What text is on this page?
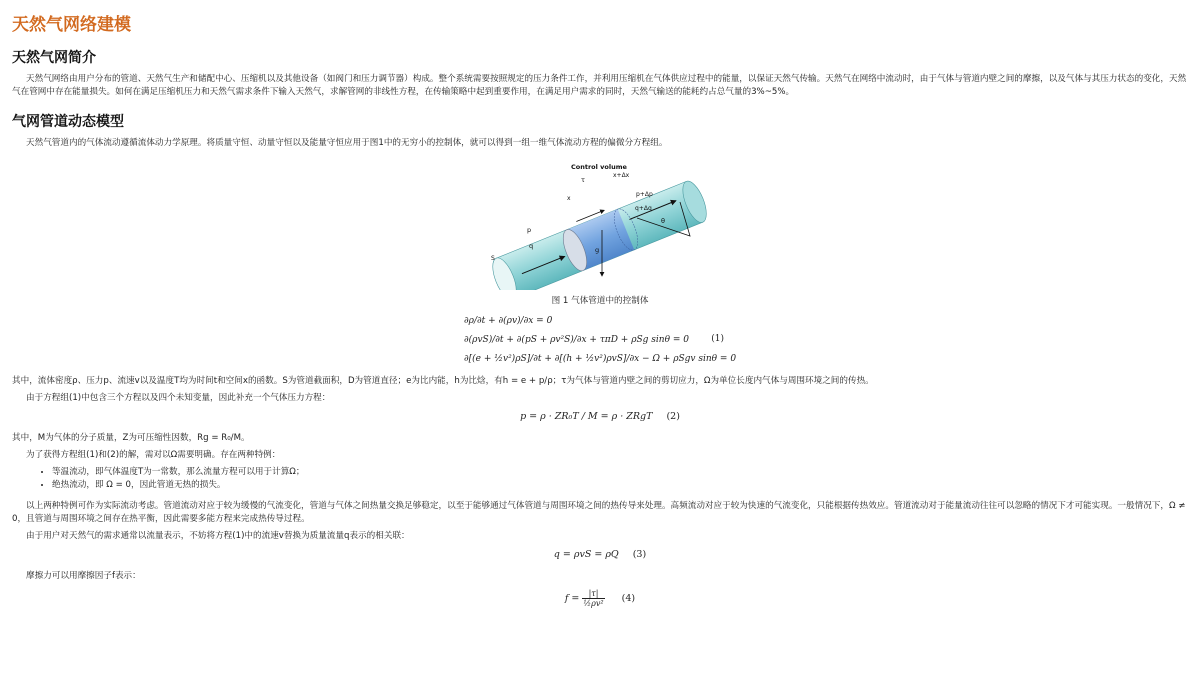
天然气网络建模
天然气网简介

天然气网络由用户分布的管道、天然气生产和储配中心、压缩机以及其他设备（如阀门和压力调节器）构成。整个系统需要按照规定的压力条件工作，并利用压缩机在气体供应过程中的能量，以保证天然气传输。天然气在网络中流动时，由于气体与管道内壁之间的摩擦，以及气体与其压力状态的变化，天然气在管网中存在能量损失。如何在满足压缩机压力和天然气需求条件下输入天然气，求解管网的非线性方程，在传输策略中起到重要作用，在满足用户需求的同时，天然气输送的能耗约占总气量的3%~5%。

气网管道动态模型

天然气管道内的气体流动遵循流体动力学原理。将质量守恒、动量守恒以及能量守恒应用于图1中的无穷小的控制体，就可以得到一组一维气体流动方程的偏微分方程组。

Control volume
τ
x+Δx
x
p
q
S
p+Δp
q+Δq
θ
g
图 1 气体管道中的控制体
∂ρ/∂t + ∂(ρv)/∂x = 0
∂(ρvS)/∂t + ∂(pS + ρv²S)/∂x + τπD + ρSg sinθ = 0
∂[(e + ½v²)ρS]/∂t + ∂[(h + ½v²)ρvS]/∂x − Ω + ρSgv sinθ = 0
(1)

其中，流体密度ρ、压力p、流速v以及温度T均为时间t和空间x的函数。S为管道截面积，D为管道直径；e为比内能，h为比焓，有h = e + p/ρ；τ为气体与管道内壁之间的剪切应力，Ω为单位长度内气体与周围环境之间的传热。

由于方程组(1)中包含三个方程以及四个未知变量，因此补充一个气体压力方程：

p = ρ · ZR₀T / M = ρ · ZRgT (2)

其中，M为气体的分子质量，Z为可压缩性因数，Rg = R₀/M。

为了获得方程组(1)和(2)的解，需对以Ω需要明确。存在两种特例：

• 等温流动，即气体温度T为一常数，那么流量方程可以用于计算Ω；
• 绝热流动，即 Ω = 0，因此管道无热的损失。

以上两种特例可作为实际流动考虑。管道流动对应于较为缓慢的气流变化，管道与气体之间热量交换足够稳定，以至于能够通过气体管道与周围环境之间的热传导来处理。高频流动对应于较为快速的气流变化，只能根据传热效应。管道流动对于能量流动往往可以忽略的情况下才可能实现。一般情况下，Ω ≠ 0，且管道与周围环境之间存在热平衡，因此需要多能方程来完成热传导过程。

由于用户对天然气的需求通常以流量表示，不妨将方程(1)中的流速v替换为质量流量q表示的相关联：

q = ρvS = ρQ (3)

摩擦力可以用摩擦因子f表示：

$f = \frac{|\tau|}{\text{½ρv²}} (4)$
